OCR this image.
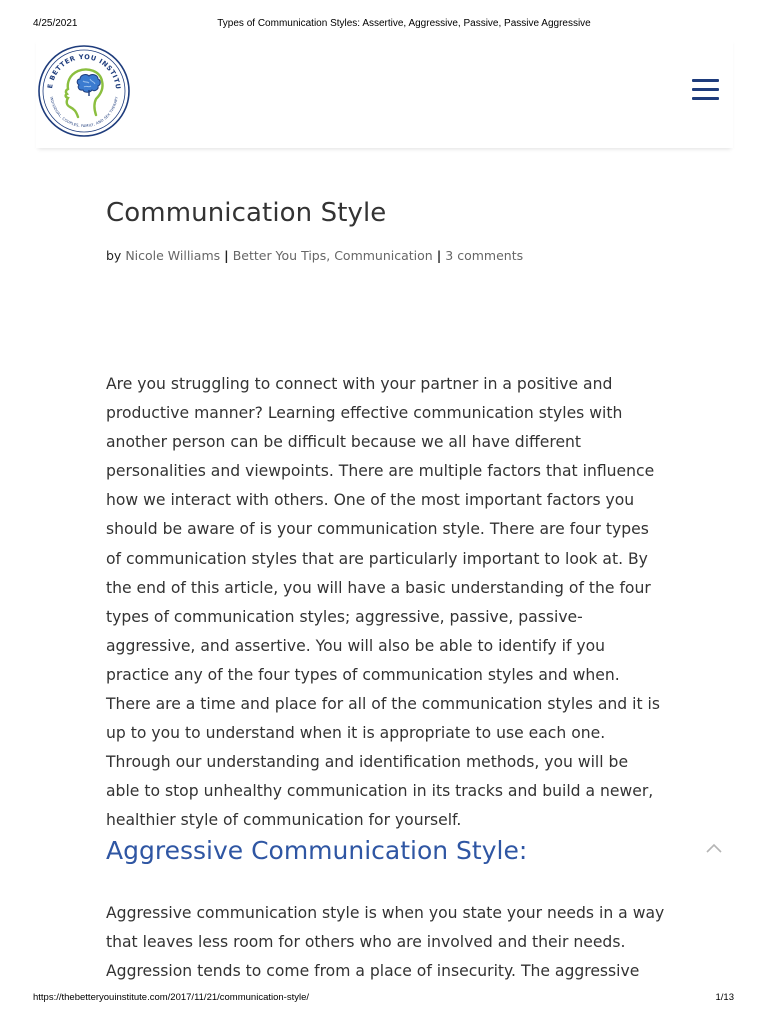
4/25/2021	Types of Communication Styles: Assertive, Aggressive, Passive, Passive Aggressive
E BETTER YOU INSTITU
INDIVIDUAL, COUPLES, FAMILY, AND SEX THERAPY
Communication Style
by Nicole Williams | Better You Tips, Communication | 3 comments

Are you struggling to connect with your partner in a positive and productive manner? Learning effective communication styles with another person can be difficult because we all have different personalities and viewpoints. There are multiple factors that influence how we interact with others. One of the most important factors you should be aware of is your communication style. There are four types of communication styles that are particularly important to look at. By the end of this article, you will have a basic understanding of the four types of communication styles; aggressive, passive, passive-aggressive, and assertive. You will also be able to identify if you practice any of the four types of communication styles and when. There are a time and place for all of the communication styles and it is up to you to understand when it is appropriate to use each one. Through our understanding and identification methods, you will be able to stop unhealthy communication in its tracks and build a newer, healthier style of communication for yourself.

Aggressive Communication Style:

Aggressive communication style is when you state your needs in a way that leaves less room for others who are involved and their needs. Aggression tends to come from a place of insecurity. The aggressive

https://thebetteryouinstitute.com/2017/11/21/communication-style/	1/13
